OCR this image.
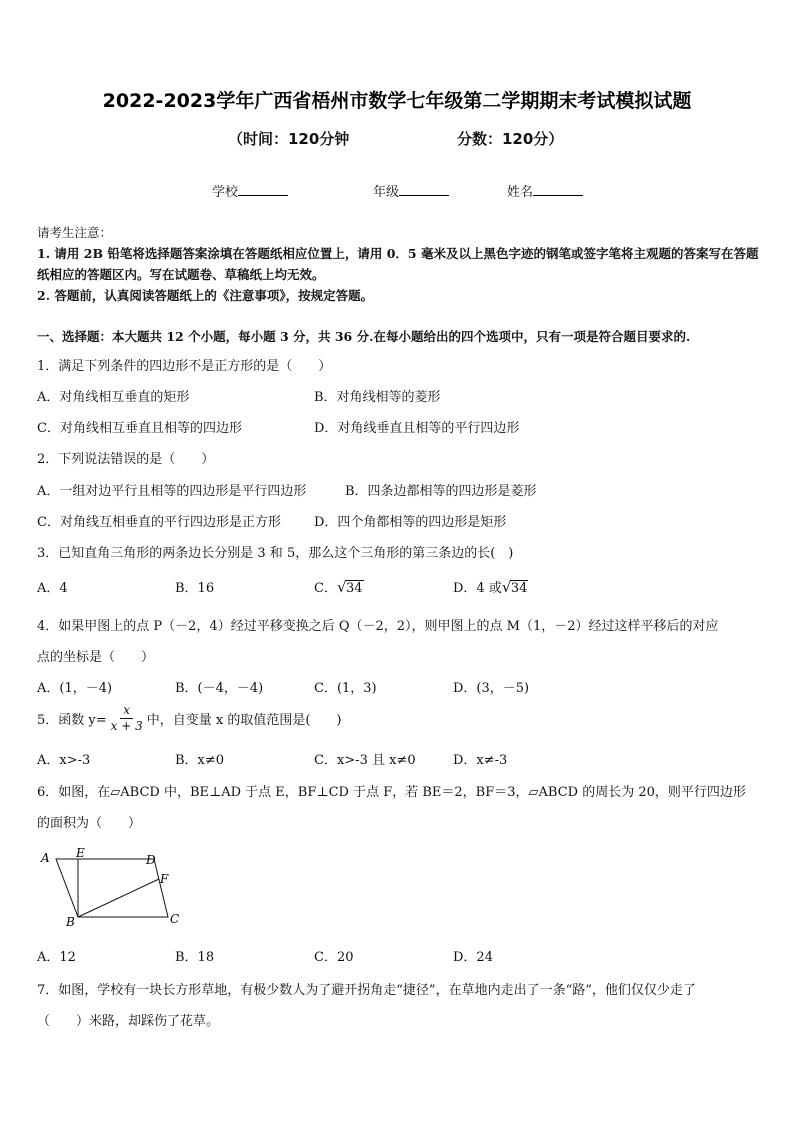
2022-2023学年广西省梧州市数学七年级第二学期期末考试模拟试题
（时间：120分钟	分数：120分）
学校	年级	姓名
请考生注意：
1. 请用 2B 铅笔将选择题答案涂填在答题纸相应位置上，请用 0．5 毫米及以上黑色字迹的钢笔或签字笔将主观题的答案写在答题纸相应的答题区内。写在试题卷、草稿纸上均无效。
2. 答题前，认真阅读答题纸上的《注意事项》，按规定答题。
一、选择题：本大题共 12 个小题，每小题 3 分，共 36 分.在每小题给出的四个选项中，只有一项是符合题目要求的.
1．满足下列条件的四边形不是正方形的是（　　）
A．对角线相互垂直的矩形	B．对角线相等的菱形
C．对角线相互垂直且相等的四边形	D．对角线垂直且相等的平行四边形
2．下列说法错误的是（　　）
A．一组对边平行且相等的四边形是平行四边形	B．四条边都相等的四边形是菱形
C．对角线互相垂直的平行四边形是正方形	D．四个角都相等的四边形是矩形
3．已知直角三角形的两条边长分别是 3 和 5，那么这个三角形的第三条边的长(　)
A．4	B．16	C． √ 34	D．4 或 √ 34
4．如果甲图上的点 P（－2，4）经过平移变换之后 Q（－2，2），则甲图上的点 M（1，－2）经过这样平移后的对应
点的坐标是（　　）
A．(1，－4)	B．(－4，－4)	C．(1，3)	D．(3，－5)
5．函数 $y= \frac{x}{x + 3}$ 中，自变量 x 的取值范围是(　　)
A．x>-3	B．x≠0	C．x>-3 且 x≠0	D．x≠-3
6．如图，在▱ABCD 中，BE⊥AD 于点 E，BF⊥CD 于点 F，若 BE＝2，BF＝3，▱ABCD 的周长为 20，则平行四边形
的面积为（　　）
A E	D
F
B	C
A．12	B．18	C．20	D．24
7．如图，学校有一块长方形草地，有极少数人为了避开拐角走“捷径”，在草地内走出了一条“路”，他们仅仅少走了
（　　）米路，却踩伤了花草。
